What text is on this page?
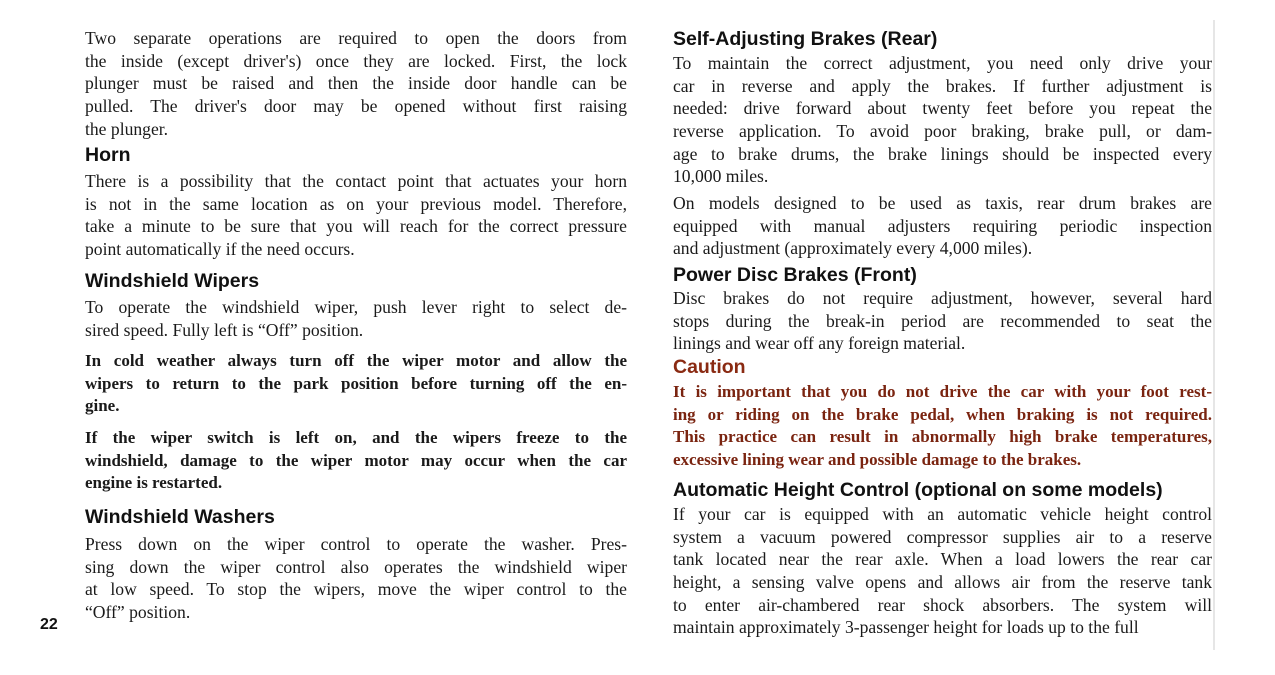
Two separate operations are required to open the doors from
the inside (except driver's) once they are locked. First, the lock
plunger must be raised and then the inside door handle can be
pulled. The driver's door may be opened without first raising
the plunger.
Horn
There is a possibility that the contact point that actuates your horn
is not in the same location as on your previous model. Therefore,
take a minute to be sure that you will reach for the correct pressure
point automatically if the need occurs.
Windshield Wipers
To operate the windshield wiper, push lever right to select de-
sired speed. Fully left is “Off” position.
In cold weather always turn off the wiper motor and allow the
wipers to return to the park position before turning off the en-
gine.
If the wiper switch is left on, and the wipers freeze to the
windshield, damage to the wiper motor may occur when the car
engine is restarted.
Windshield Washers
Press down on the wiper control to operate the washer. Pres-
sing down the wiper control also operates the windshield wiper
at low speed. To stop the wipers, move the wiper control to the
“Off” position.
Self-Adjusting Brakes (Rear)
To maintain the correct adjustment, you need only drive your
car in reverse and apply the brakes. If further adjustment is
needed: drive forward about twenty feet before you repeat the
reverse application. To avoid poor braking, brake pull, or dam-
age to brake drums, the brake linings should be inspected every
10,000 miles.
On models designed to be used as taxis, rear drum brakes are
equipped with manual adjusters requiring periodic inspection
and adjustment (approximately every 4,000 miles).
Power Disc Brakes (Front)
Disc brakes do not require adjustment, however, several hard
stops during the break-in period are recommended to seat the
linings and wear off any foreign material.
Caution
It is important that you do not drive the car with your foot rest-
ing or riding on the brake pedal, when braking is not required.
This practice can result in abnormally high brake temperatures,
excessive lining wear and possible damage to the brakes.
Automatic Height Control (optional on some models)
If your car is equipped with an automatic vehicle height control
system a vacuum powered compressor supplies air to a reserve
tank located near the rear axle. When a load lowers the rear car
height, a sensing valve opens and allows air from the reserve tank
to enter air-chambered rear shock absorbers. The system will
maintain approximately 3-passenger height for loads up to the full
22
